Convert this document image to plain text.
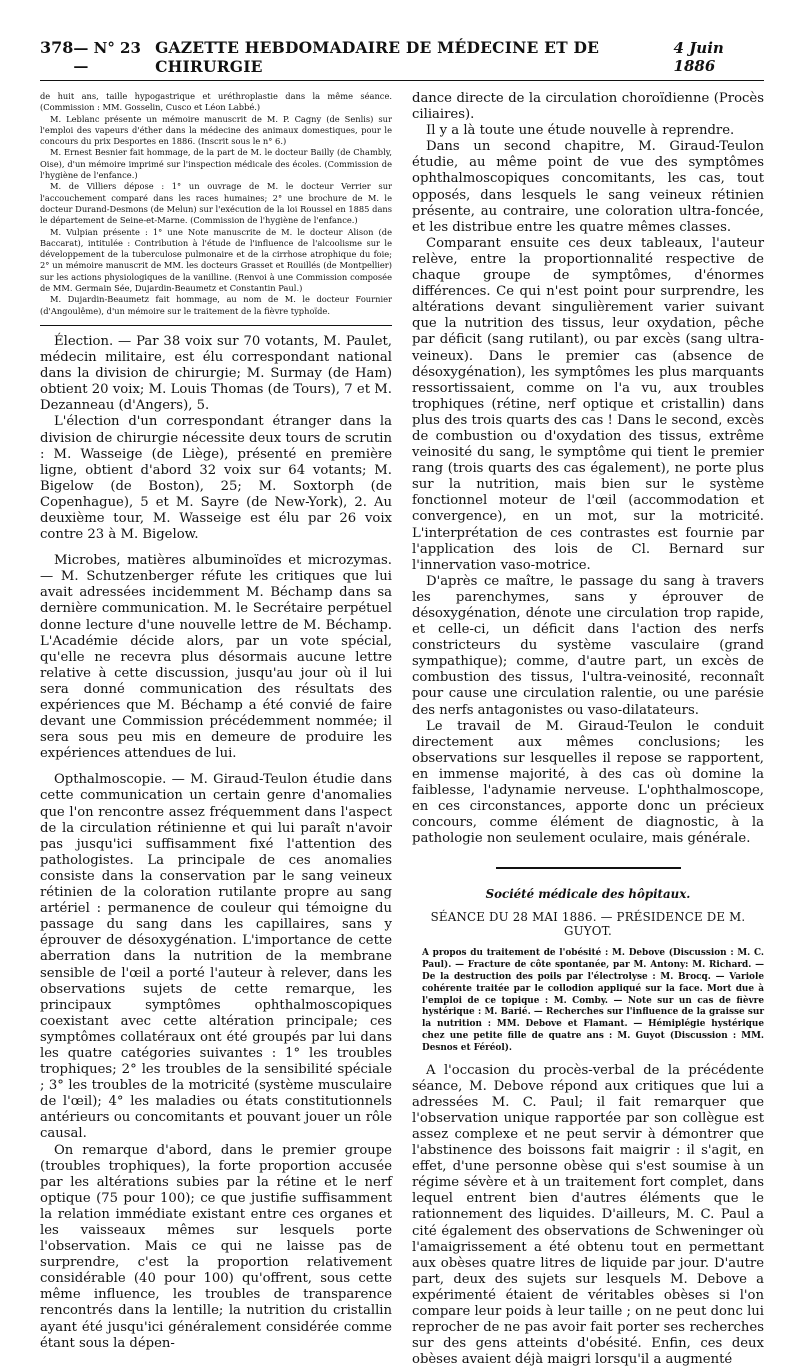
378 — N° 23 —
GAZETTE HEBDOMADAIRE DE MÉDECINE ET DE CHIRURGIE
4 Juin 1886

de huit ans, taille hypogastrique et uréthroplastie dans la même séance. (Commission : MM. Gosselin, Cusco et Léon Labbé.)

M. Leblanc présente un mémoire manuscrit de M. P. Cagny (de Senlis) sur l'emploi des vapeurs d'éther dans la médecine des animaux domestiques, pour le concours du prix Desportes en 1886. (Inscrit sous le n° 6.)

M. Ernest Besnier fait hommage, de la part de M. le docteur Bailly (de Chambly, Oise), d'un mémoire imprimé sur l'inspection médicale des écoles. (Commission de l'hygiène de l'enfance.)

M. de Villiers dépose : 1° un ouvrage de M. le docteur Verrier sur l'accouchement comparé dans les races humaines; 2° une brochure de M. le docteur Durand-Desmons (de Melun) sur l'exécution de la loi Roussel en 1885 dans le département de Seine-et-Marne. (Commission de l'hygiène de l'enfance.)

M. Vulpian présente : 1° une Note manuscrite de M. le docteur Alison (de Baccarat), intitulée : Contribution à l'étude de l'influence de l'alcoolisme sur le développement de la tuberculose pulmonaire et de la cirrhose atrophique du foie; 2° un mémoire manuscrit de MM. les docteurs Grasset et Rouillés (de Montpellier) sur les actions physiologiques de la vanilline. (Renvoi à une Commission composée de MM. Germain Sée, Dujardin-Beaumetz et Constantin Paul.)

M. Dujardin-Beaumetz fait hommage, au nom de M. le docteur Fournier (d'Angoulême), d'un mémoire sur le traitement de la fièvre typhoïde.

Élection. — Par 38 voix sur 70 votants, M. Paulet, médecin militaire, est élu correspondant national dans la division de chirurgie; M. Surmay (de Ham) obtient 20 voix; M. Louis Thomas (de Tours), 7 et M. Dezanneau (d'Angers), 5.

L'élection d'un correspondant étranger dans la division de chirurgie nécessite deux tours de scrutin : M. Wasseige (de Liège), présenté en première ligne, obtient d'abord 32 voix sur 64 votants; M. Bigelow (de Boston), 25; M. Soxtorph (de Copenhague), 5 et M. Sayre (de New-York), 2. Au deuxième tour, M. Wasseige est élu par 26 voix contre 23 à M. Bigelow.

Microbes, matières albuminoïdes et microzymas. — M. Schutzenberger réfute les critiques que lui avait adressées incidemment M. Béchamp dans sa dernière communication. M. le Secrétaire perpétuel donne lecture d'une nouvelle lettre de M. Béchamp. L'Académie décide alors, par un vote spécial, qu'elle ne recevra plus désormais aucune lettre relative à cette discussion, jusqu'au jour où il lui sera donné communication des résultats des expériences que M. Béchamp a été convié de faire devant une Commission précédemment nommée; il sera sous peu mis en demeure de produire les expériences attendues de lui.

Opthalmoscopie. — M. Giraud-Teulon étudie dans cette communication un certain genre d'anomalies que l'on rencontre assez fréquemment dans l'aspect de la circulation rétinienne et qui lui paraît n'avoir pas jusqu'ici suffisamment fixé l'attention des pathologistes. La principale de ces anomalies consiste dans la conservation par le sang veineux rétinien de la coloration rutilante propre au sang artériel : permanence de couleur qui témoigne du passage du sang dans les capillaires, sans y éprouver de désoxygénation. L'importance de cette aberration dans la nutrition de la membrane sensible de l'œil a porté l'auteur à relever, dans les observations sujets de cette remarque, les principaux symptômes ophthalmoscopiques coexistant avec cette altération principale; ces symptômes collatéraux ont été groupés par lui dans les quatre catégories suivantes : 1° les troubles trophiques; 2° les troubles de la sensibilité spéciale ; 3° les troubles de la motricité (système musculaire de l'œil); 4° les maladies ou états constitutionnels antérieurs ou concomitants et pouvant jouer un rôle causal.

On remarque d'abord, dans le premier groupe (troubles trophiques), la forte proportion accusée par les altérations subies par la rétine et le nerf optique (75 pour 100); ce que justifie suffisamment la relation immédiate existant entre ces organes et les vaisseaux mêmes sur lesquels porte l'observation. Mais ce qui ne laisse pas de surprendre, c'est la proportion relativement considérable (40 pour 100) qu'offrent, sous cette même influence, les troubles de transparence rencontrés dans la lentille; la nutrition du cristallin ayant été jusqu'ici généralement considérée comme étant sous la dépen-

dance directe de la circulation choroïdienne (Procès ciliaires).

Il y a là toute une étude nouvelle à reprendre.

Dans un second chapitre, M. Giraud-Teulon étudie, au même point de vue des symptômes ophthalmoscopiques concomitants, les cas, tout opposés, dans lesquels le sang veineux rétinien présente, au contraire, une coloration ultra-foncée, et les distribue entre les quatre mêmes classes.

Comparant ensuite ces deux tableaux, l'auteur relève, entre la proportionnalité respective de chaque groupe de symptômes, d'énormes différences. Ce qui n'est point pour surprendre, les altérations devant singulièrement varier suivant que la nutrition des tissus, leur oxydation, pêche par déficit (sang rutilant), ou par excès (sang ultra-veineux). Dans le premier cas (absence de désoxygénation), les symptômes les plus marquants ressortissaient, comme on l'a vu, aux troubles trophiques (rétine, nerf optique et cristallin) dans plus des trois quarts des cas ! Dans le second, excès de combustion ou d'oxydation des tissus, extrême veinosité du sang, le symptôme qui tient le premier rang (trois quarts des cas également), ne porte plus sur la nutrition, mais bien sur le système fonctionnel moteur de l'œil (accommodation et convergence), en un mot, sur la motricité. L'interprétation de ces contrastes est fournie par l'application des lois de Cl. Bernard sur l'innervation vaso-motrice.

D'après ce maître, le passage du sang à travers les parenchymes, sans y éprouver de désoxygénation, dénote une circulation trop rapide, et celle-ci, un déficit dans l'action des nerfs constricteurs du système vasculaire (grand sympathique); comme, d'autre part, un excès de combustion des tissus, l'ultra-veinosité, reconnaît pour cause une circulation ralentie, ou une parésie des nerfs antagonistes ou vaso-dilatateurs.

Le travail de M. Giraud-Teulon le conduit directement aux mêmes conclusions; les observations sur lesquelles il repose se rapportent, en immense majorité, à des cas où domine la faiblesse, l'adynamie nerveuse. L'ophthalmoscope, en ces circonstances, apporte donc un précieux concours, comme élément de diagnostic, à la pathologie non seulement oculaire, mais générale.

Société médicale des hôpitaux.
SÉANCE DU 28 MAI 1886. — PRÉSIDENCE DE M. GUYOT.

A propos du traitement de l'obésité : M. Debove (Discussion : M. C. Paul). — Fracture de côte spontanée, par M. Antony: M. Richard. — De la destruction des poils par l'électrolyse : M. Brocq. — Variole cohérente traitée par le collodion appliqué sur la face. Mort due à l'emploi de ce topique : M. Comby. — Note sur un cas de fièvre hystérique : M. Barié. — Recherches sur l'influence de la graisse sur la nutrition : MM. Debove et Flamant. — Hémiplégie hystérique chez une petite fille de quatre ans : M. Guyot (Discussion : MM. Desnos et Féréol).

A l'occasion du procès-verbal de la précédente séance, M. Debove répond aux critiques que lui a adressées M. C. Paul; il fait remarquer que l'observation unique rapportée par son collègue est assez complexe et ne peut servir à démontrer que l'abstinence des boissons fait maigrir : il s'agit, en effet, d'une personne obèse qui s'est soumise à un régime sévère et à un traitement fort complet, dans lequel entrent bien d'autres éléments que le rationnement des liquides. D'ailleurs, M. C. Paul a cité également des observations de Schweninger où l'amaigrissement a été obtenu tout en permettant aux obèses quatre litres de liquide par jour. D'autre part, deux des sujets sur lesquels M. Debove a expérimenté étaient de véritables obèses si l'on compare leur poids à leur taille ; on ne peut donc lui reprocher de ne pas avoir fait porter ses recherches sur des gens atteints d'obésité. Enfin, ces deux obèses avaient déjà maigri lorsqu'il a augmenté
